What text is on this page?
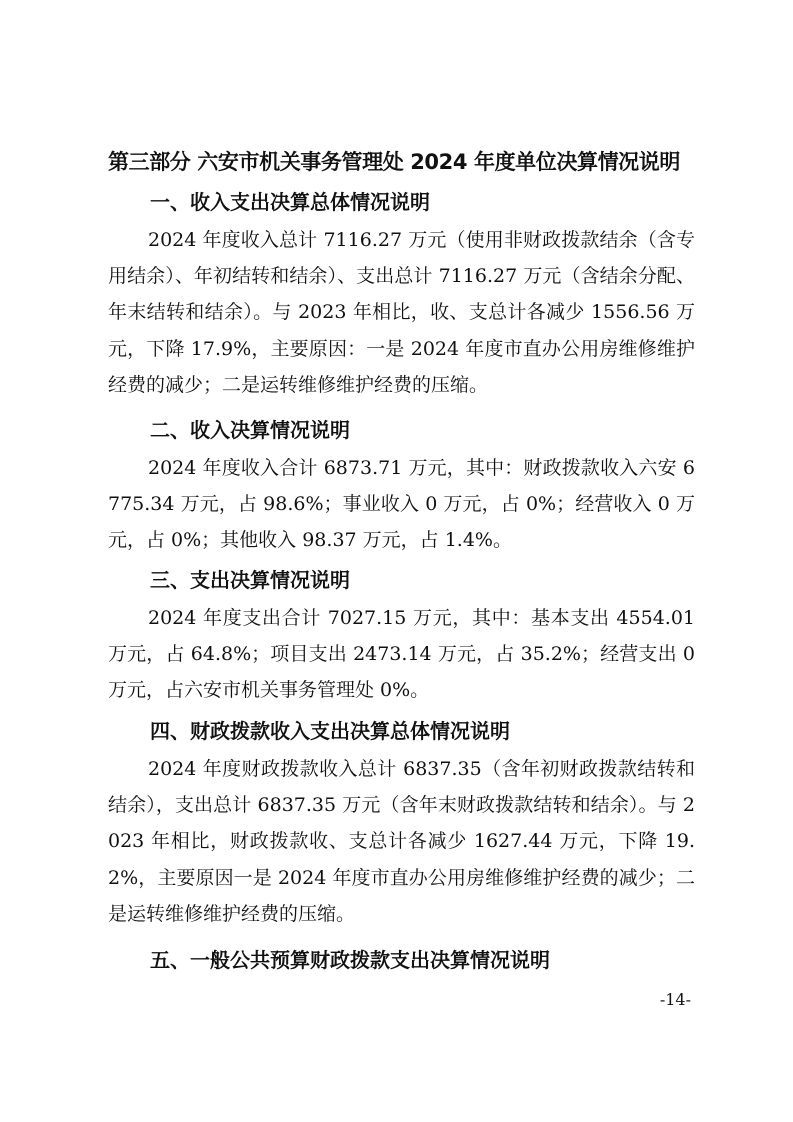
第三部分 六安市机关事务管理处 2024 年度单位决算情况说明
一、收入支出决算总体情况说明
2024 年度收入总计 7116.27 万元（使用非财政拨款结余（含专用结余）、年初结转和结余）、支出总计 7116.27 万元（含结余分配、年末结转和结余）。与 2023 年相比，收、支总计各减少 1556.56 万元，下降 17.9%，主要原因：一是 2024 年度市直办公用房维修维护经费的减少；二是运转维修维护经费的压缩。
二、收入决算情况说明
2024 年度收入合计 6873.71 万元，其中：财政拨款收入六安 6775.34 万元，占 98.6%；事业收入 0 万元，占 0%；经营收入 0 万元，占 0%；其他收入 98.37 万元，占 1.4%。
三、支出决算情况说明
2024 年度支出合计 7027.15 万元，其中：基本支出 4554.01 万元，占 64.8%；项目支出 2473.14 万元，占 35.2%；经营支出 0 万元，占六安市机关事务管理处 0%。
四、财政拨款收入支出决算总体情况说明
2024 年度财政拨款收入总计 6837.35（含年初财政拨款结转和结余），支出总计 6837.35 万元（含年末财政拨款结转和结余）。与 2023 年相比，财政拨款收、支总计各减少 1627.44 万元，下降 19.2%，主要原因一是 2024 年度市直办公用房维修维护经费的减少；二是运转维修维护经费的压缩。
五、一般公共预算财政拨款支出决算情况说明
-14-
